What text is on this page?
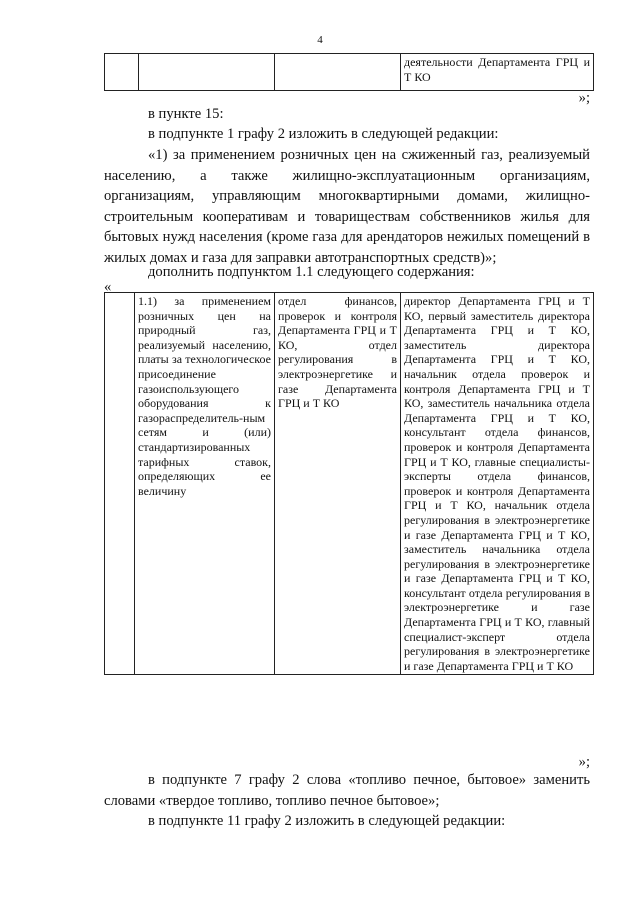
4
			деятельности Департамента ГРЦ и Т КО
»;
в пункте 15:
в подпункте 1 графу 2 изложить в следующей редакции:
«1) за применением розничных цен на сжиженный газ, реализуемый населению, а также жилищно-эксплуатационным организациям, организациям, управляющим многоквартирными домами, жилищно-строительным кооперативам и товариществам собственников жилья для бытовых нужд населения (кроме газа для арендаторов нежилых помещений в жилых домах и газа для заправки автотранспортных средств)»;
дополнить подпунктом 1.1 следующего содержания:
«
	1.1) за применением розничных цен на природный газ, реализуемый населению, платы за технологическое присоединение газоиспользующего оборудования к газораспределитель-ным сетям и (или) стандартизированных тарифных ставок, определяющих ее величину	отдел финансов, проверок и контроля Департамента ГРЦ и Т КО, отдел регулирования в электроэнергетике и газе Департамента ГРЦ и Т КО	директор Департамента ГРЦ и Т КО, первый заместитель директора Департамента ГРЦ и Т КО, заместитель директора Департамента ГРЦ и Т КО, начальник отдела проверок и контроля Департамента ГРЦ и Т КО, заместитель начальника отдела Департамента ГРЦ и Т КО, консультант отдела финансов, проверок и контроля Департамента ГРЦ и Т КО, главные специалисты-эксперты отдела финансов, проверок и контроля Департамента ГРЦ и Т КО, начальник отдела регулирования в электроэнергетике и газе Департамента ГРЦ и Т КО, заместитель начальника отдела регулирования в электроэнергетике и газе Департамента ГРЦ и Т КО, консультант отдела регулирования в электроэнергетике и газе Департамента ГРЦ и Т КО, главный специалист-эксперт отдела регулирования в электроэнергетике и газе Департамента ГРЦ и Т КО
»;
в подпункте 7 графу 2 слова «топливо печное, бытовое» заменить словами «твердое топливо, топливо печное бытовое»;
в подпункте 11 графу 2 изложить в следующей редакции:
